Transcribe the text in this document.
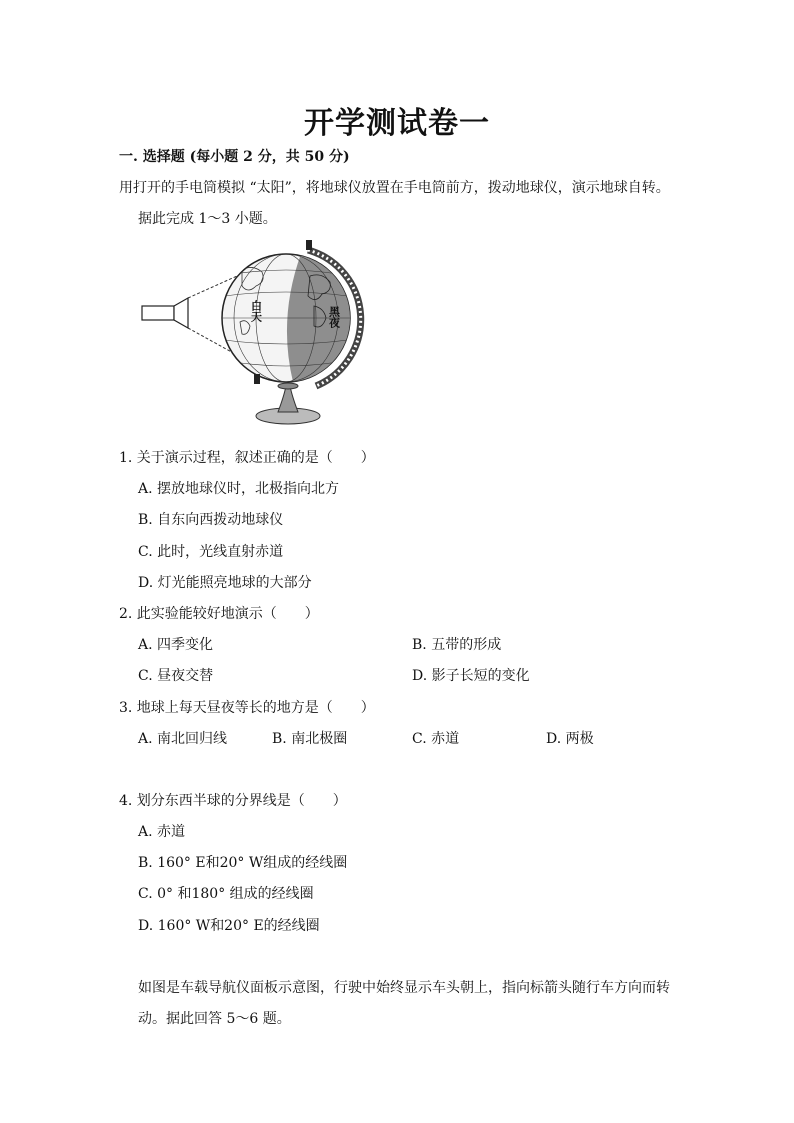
开学测试卷一
一. 选择题 (每小题 2 分，共 50 分)
用打开的手电筒模拟 “太阳”，将地球仪放置在手电筒前方，拨动地球仪，演示地球自转。
据此完成 1～3 小题。
白天	黑夜
1. 关于演示过程，叙述正确的是（　　）
A. 摆放地球仪时，北极指向北方
B. 自东向西拨动地球仪
C. 此时，光线直射赤道
D. 灯光能照亮地球的大部分
2. 此实验能较好地演示（　　）
A. 四季变化	B. 五带的形成
C. 昼夜交替	D. 影子长短的变化
3. 地球上每天昼夜等长的地方是（　　）
A. 南北回归线	B. 南北极圈	C. 赤道	D. 两极
4. 划分东西半球的分界线是（　　）
A. 赤道
B. 160° E和20° W组成的经线圈
C. 0° 和180° 组成的经线圈
D. 160° W和20° E的经线圈
如图是车载导航仪面板示意图，行驶中始终显示车头朝上，指向标箭头随行车方向而转
动。据此回答 5～6 题。
